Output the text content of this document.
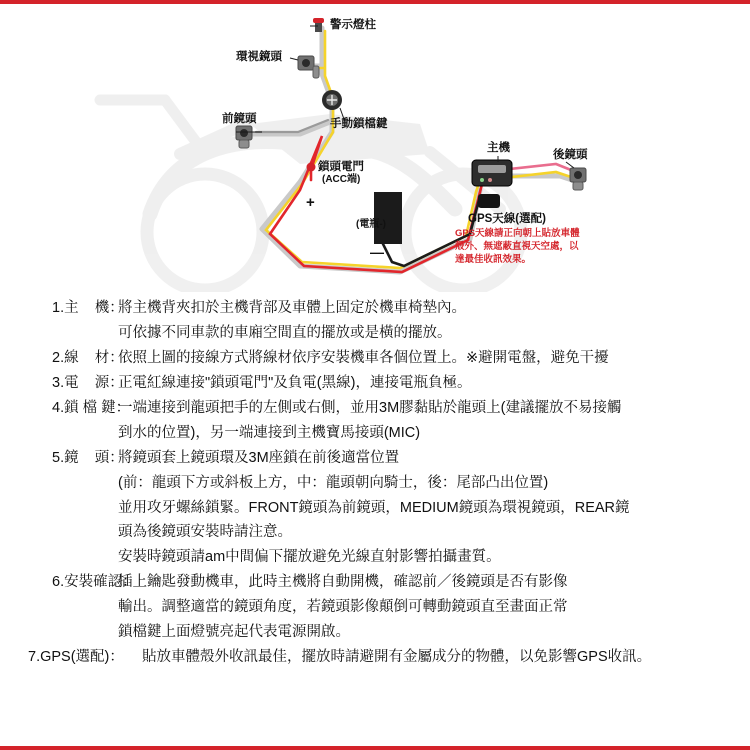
警示燈柱
環視鏡頭
前鏡頭	手動鎖檔鍵
主機
後鏡頭
鎖頭電門
(ACC端)
(電瓶-)
+
—
GPS天線(選配)
GPS天線請正向朝上貼放車體
殼外、無遮蔽直視天空處，以
達最佳收訊效果。
1.主    機：
將主機背夾扣於主機背部及車體上固定於機車椅墊內。
可依據不同車款的車廂空間直的擺放或是橫的擺放。
2.線    材：
依照上圖的接線方式將線材依序安裝機車各個位置上。※避開電盤，避免干擾
3.電    源：
正電紅線連接"鎖頭電門"及負電(黑線)，連接電瓶負極。
4.鎖 檔 鍵：
一端連接到龍頭把手的左側或右側，並用3M膠黏貼於龍頭上(建議擺放不易接觸
到水的位置)，另一端連接到主機寶馬接頭(MIC)
5.鏡    頭：
將鏡頭套上鏡頭環及3M座鎖在前後適當位置
(前：龍頭下方或斜板上方，中：龍頭朝向騎士，後：尾部凸出位置)
並用攻牙螺絲鎖緊。FRONT鏡頭為前鏡頭，MEDIUM鏡頭為環視鏡頭，REAR鏡
頭為後鏡頭安裝時請注意。
安裝時鏡頭請am中間偏下擺放避免光線直射影響拍攝畫質。
6.安裝確認：
插上鑰匙發動機車，此時主機將自動開機，確認前／後鏡頭是否有影像
輸出。調整適當的鏡頭角度，若鏡頭影像顛倒可轉動鏡頭直至畫面正常
鎖檔鍵上面燈號亮起代表電源開啟。
7.GPS(選配)：	貼放車體殼外收訊最佳，擺放時請避開有金屬成分的物體，以免影響GPS收訊。
